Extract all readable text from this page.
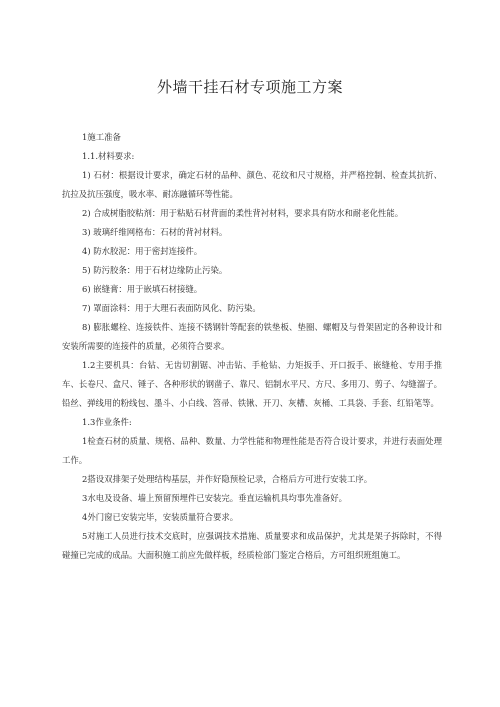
外墙干挂石材专项施工方案

1施工准备

1.1.材料要求:

1) 石材：根据设计要求，确定石材的品种、颜色、花纹和尺寸规格，并严格控制、检查其抗折、抗拉及抗压强度，吸水率、耐冻融循环等性能。

2) 合成树脂胶粘剂：用于粘贴石材背面的柔性背衬材料，要求具有防水和耐老化性能。

3) 玻璃纤维网格布：石材的背衬材料。

4) 防水胶泥：用于密封连接件。

5) 防污胶条：用于石材边缘防止污染。

6) 嵌缝膏：用于嵌填石材接缝。

7) 罩面涂料：用于大理石表面防风化、防污染。

8) 膨胀螺栓、连接铁件、连接不锈钢针等配套的铁垫板、垫圈、螺帽及与骨架固定的各种设计和安装所需要的连接件的质量，必须符合要求。

1.2主要机具：台钻、无齿切割锯、冲击钻、手枪钻、力矩扳手、开口扳手、嵌缝枪、专用手推车、长卷尺、盒尺、锤子、各种形状的钢凿子、靠尺、铝制水平尺、方尺、多用刀、剪子、勾缝溜子。铅丝、弹线用的粉线包、墨斗、小白线、笤帚、铁锹、开刀、灰槽、灰桶、工具袋、手套、红铅笔等。

1.3作业条件:

1检查石材的质量、规格、品种、数量、力学性能和物理性能是否符合设计要求，并进行表面处理工作。

2搭设双排架子处理结构基层，并作好隐预检记录，合格后方可进行安装工序。

3水电及设备、墙上预留预埋件已安装完。垂直运输机具均事先准备好。

4外门窗已安装完毕，安装质量符合要求。

5对施工人员进行技术交底时，应强调技术措施、质量要求和成品保护，尤其是架子拆除时，不得碰撞已完成的成品。大面积施工前应先做样板，经质检部门鉴定合格后，方可组织班组施工。
